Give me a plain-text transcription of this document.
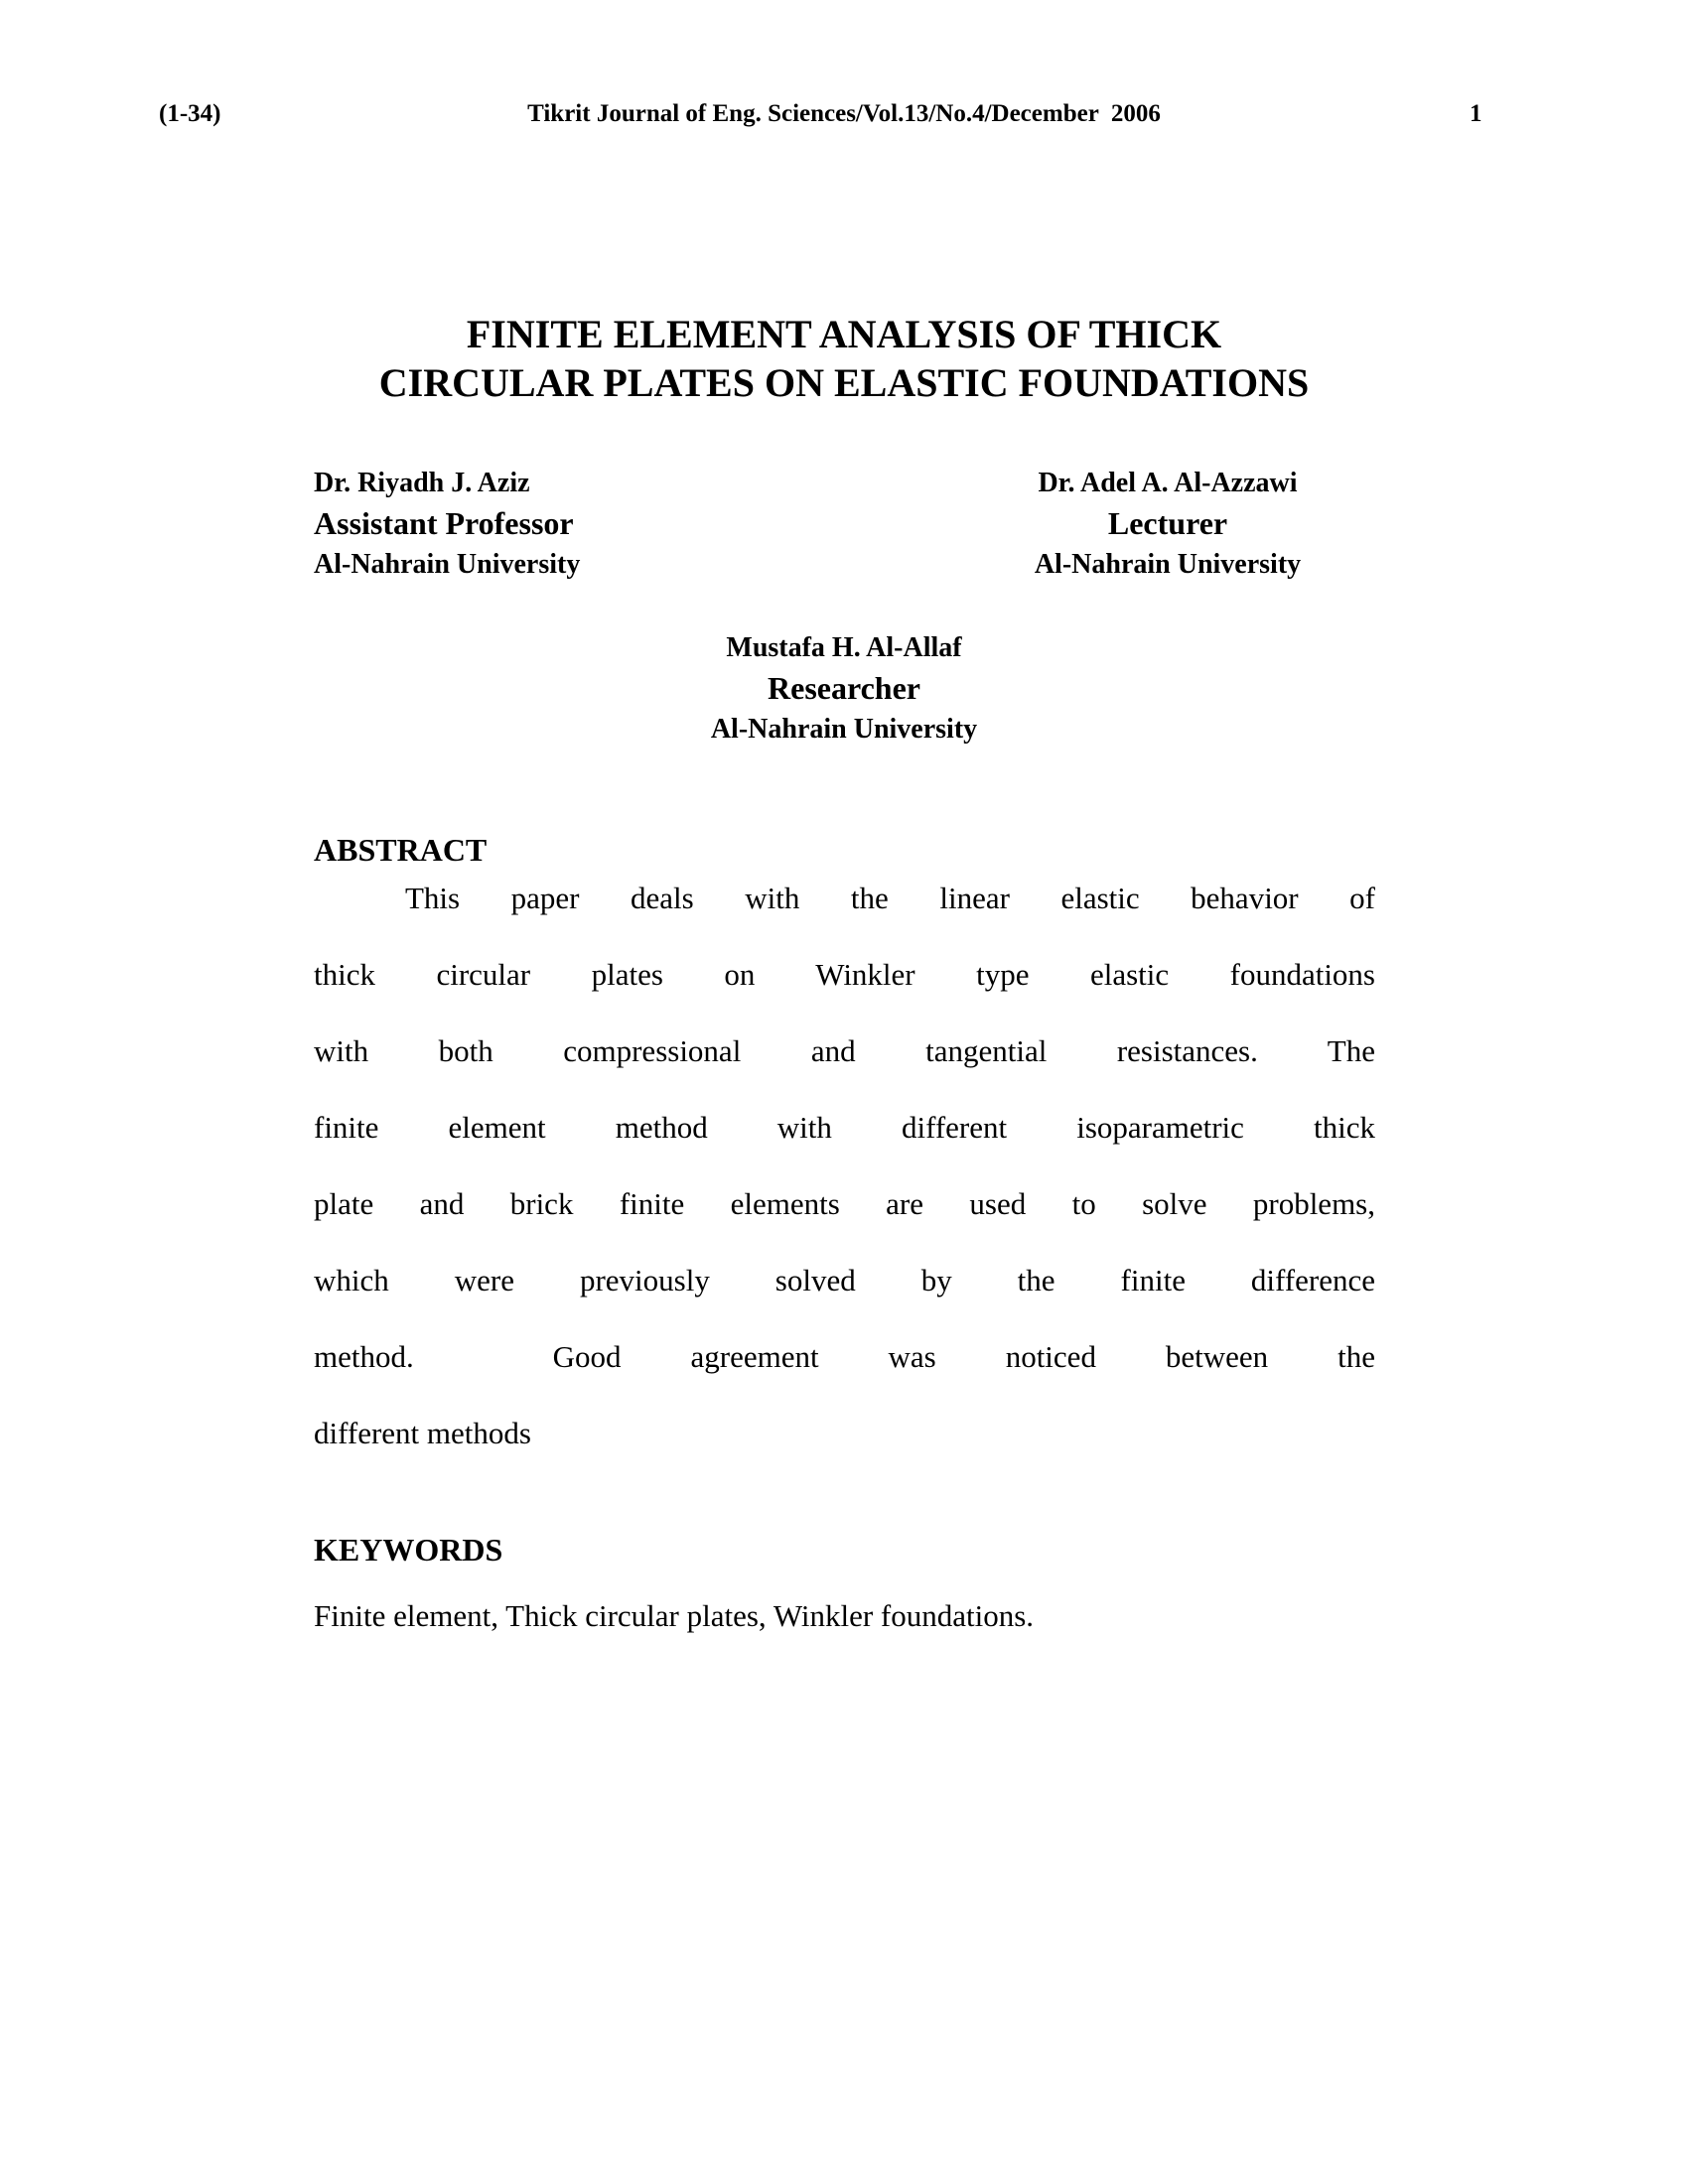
(1-34)	Tikrit Journal of Eng. Sciences/Vol.13/No.4/December  2006	1
FINITE ELEMENT ANALYSIS OF THICK
CIRCULAR PLATES ON ELASTIC FOUNDATIONS
Dr. Riyadh J. Aziz
Assistant Professor
Al-Nahrain University
Dr. Adel A. Al-Azzawi
Lecturer
Al-Nahrain University
Mustafa H. Al-Allaf
Researcher
Al-Nahrain University
ABSTRACT
This paper deals with the linear elastic behavior of
thick circular plates on Winkler type elastic foundations
with both compressional and tangential resistances. The
finite element method with different isoparametric thick
plate and brick finite elements are used to solve problems,
which were previously solved by the finite difference
method.  Good agreement was noticed between the
different methods
KEYWORDS
Finite element, Thick circular plates, Winkler foundations.
